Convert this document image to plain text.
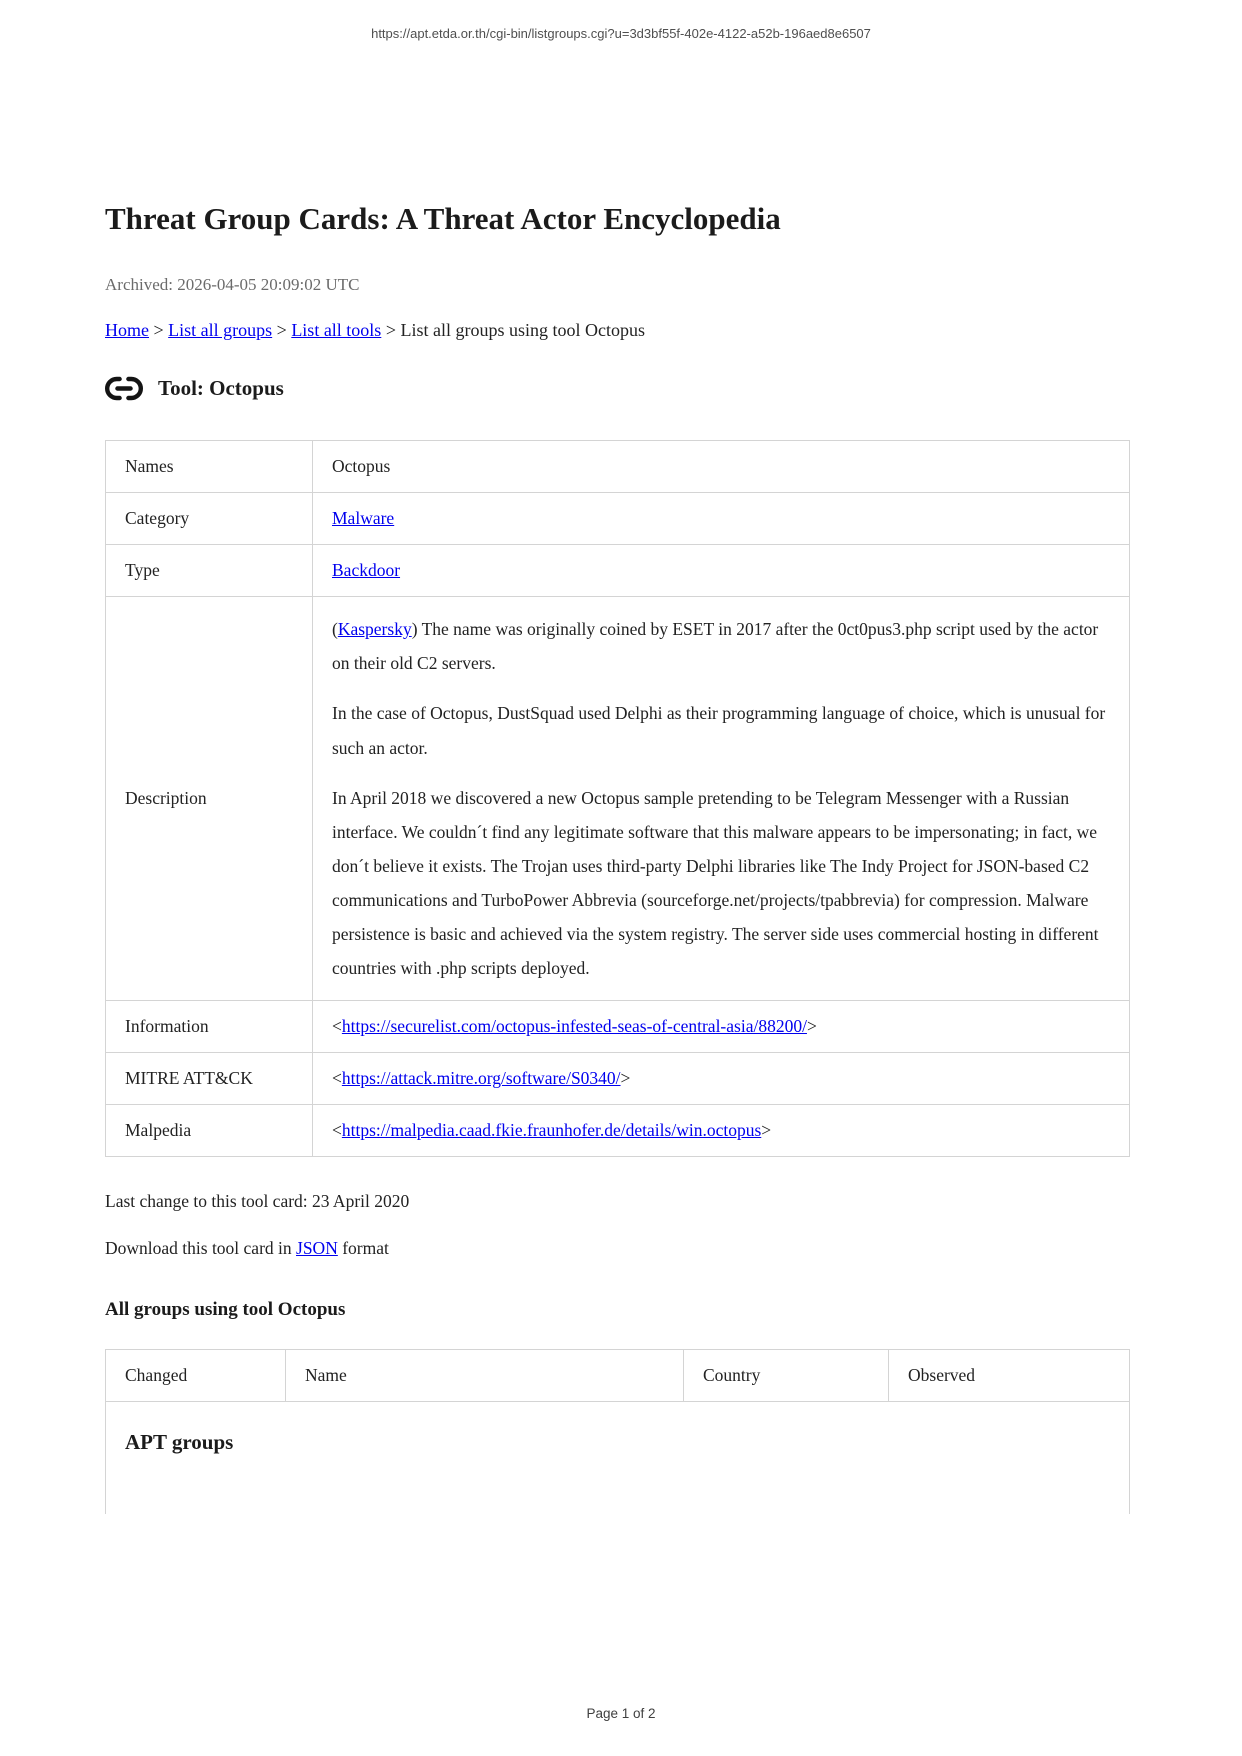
https://apt.etda.or.th/cgi-bin/listgroups.cgi?u=3d3bf55f-402e-4122-a52b-196aed8e6507
Threat Group Cards: A Threat Actor Encyclopedia

Archived: 2026-04-05 20:09:02 UTC

Home > List all groups > List all tools > List all groups using tool Octopus

Tool: Octopus
Names	Octopus
Category	Malware
Type	Backdoor
Description	(Kaspersky) The name was originally coined by ESET in 2017 after the 0ct0pus3.php script used by the actor on their old C2 servers.

In the case of Octopus, DustSquad used Delphi as their programming language of choice, which is unusual for such an actor.

In April 2018 we discovered a new Octopus sample pretending to be Telegram Messenger with a Russian interface. We couldn´t find any legitimate software that this malware appears to be impersonating; in fact, we don´t believe it exists. The Trojan uses third-party Delphi libraries like The Indy Project for JSON-based C2 communications and TurboPower Abbrevia (sourceforge.net/projects/tpabbrevia) for compression. Malware persistence is basic and achieved via the system registry. The server side uses commercial hosting in different countries with .php scripts deployed.

Information	<https://securelist.com/octopus-infested-seas-of-central-asia/88200/>
MITRE ATT&CK	<https://attack.mitre.org/software/S0340/>
Malpedia	<https://malpedia.caad.fkie.fraunhofer.de/details/win.octopus>

Last change to this tool card: 23 April 2020

Download this tool card in JSON format

All groups using tool Octopus
Changed	Name	Country	Observed

APT groups
Page 1 of 2
